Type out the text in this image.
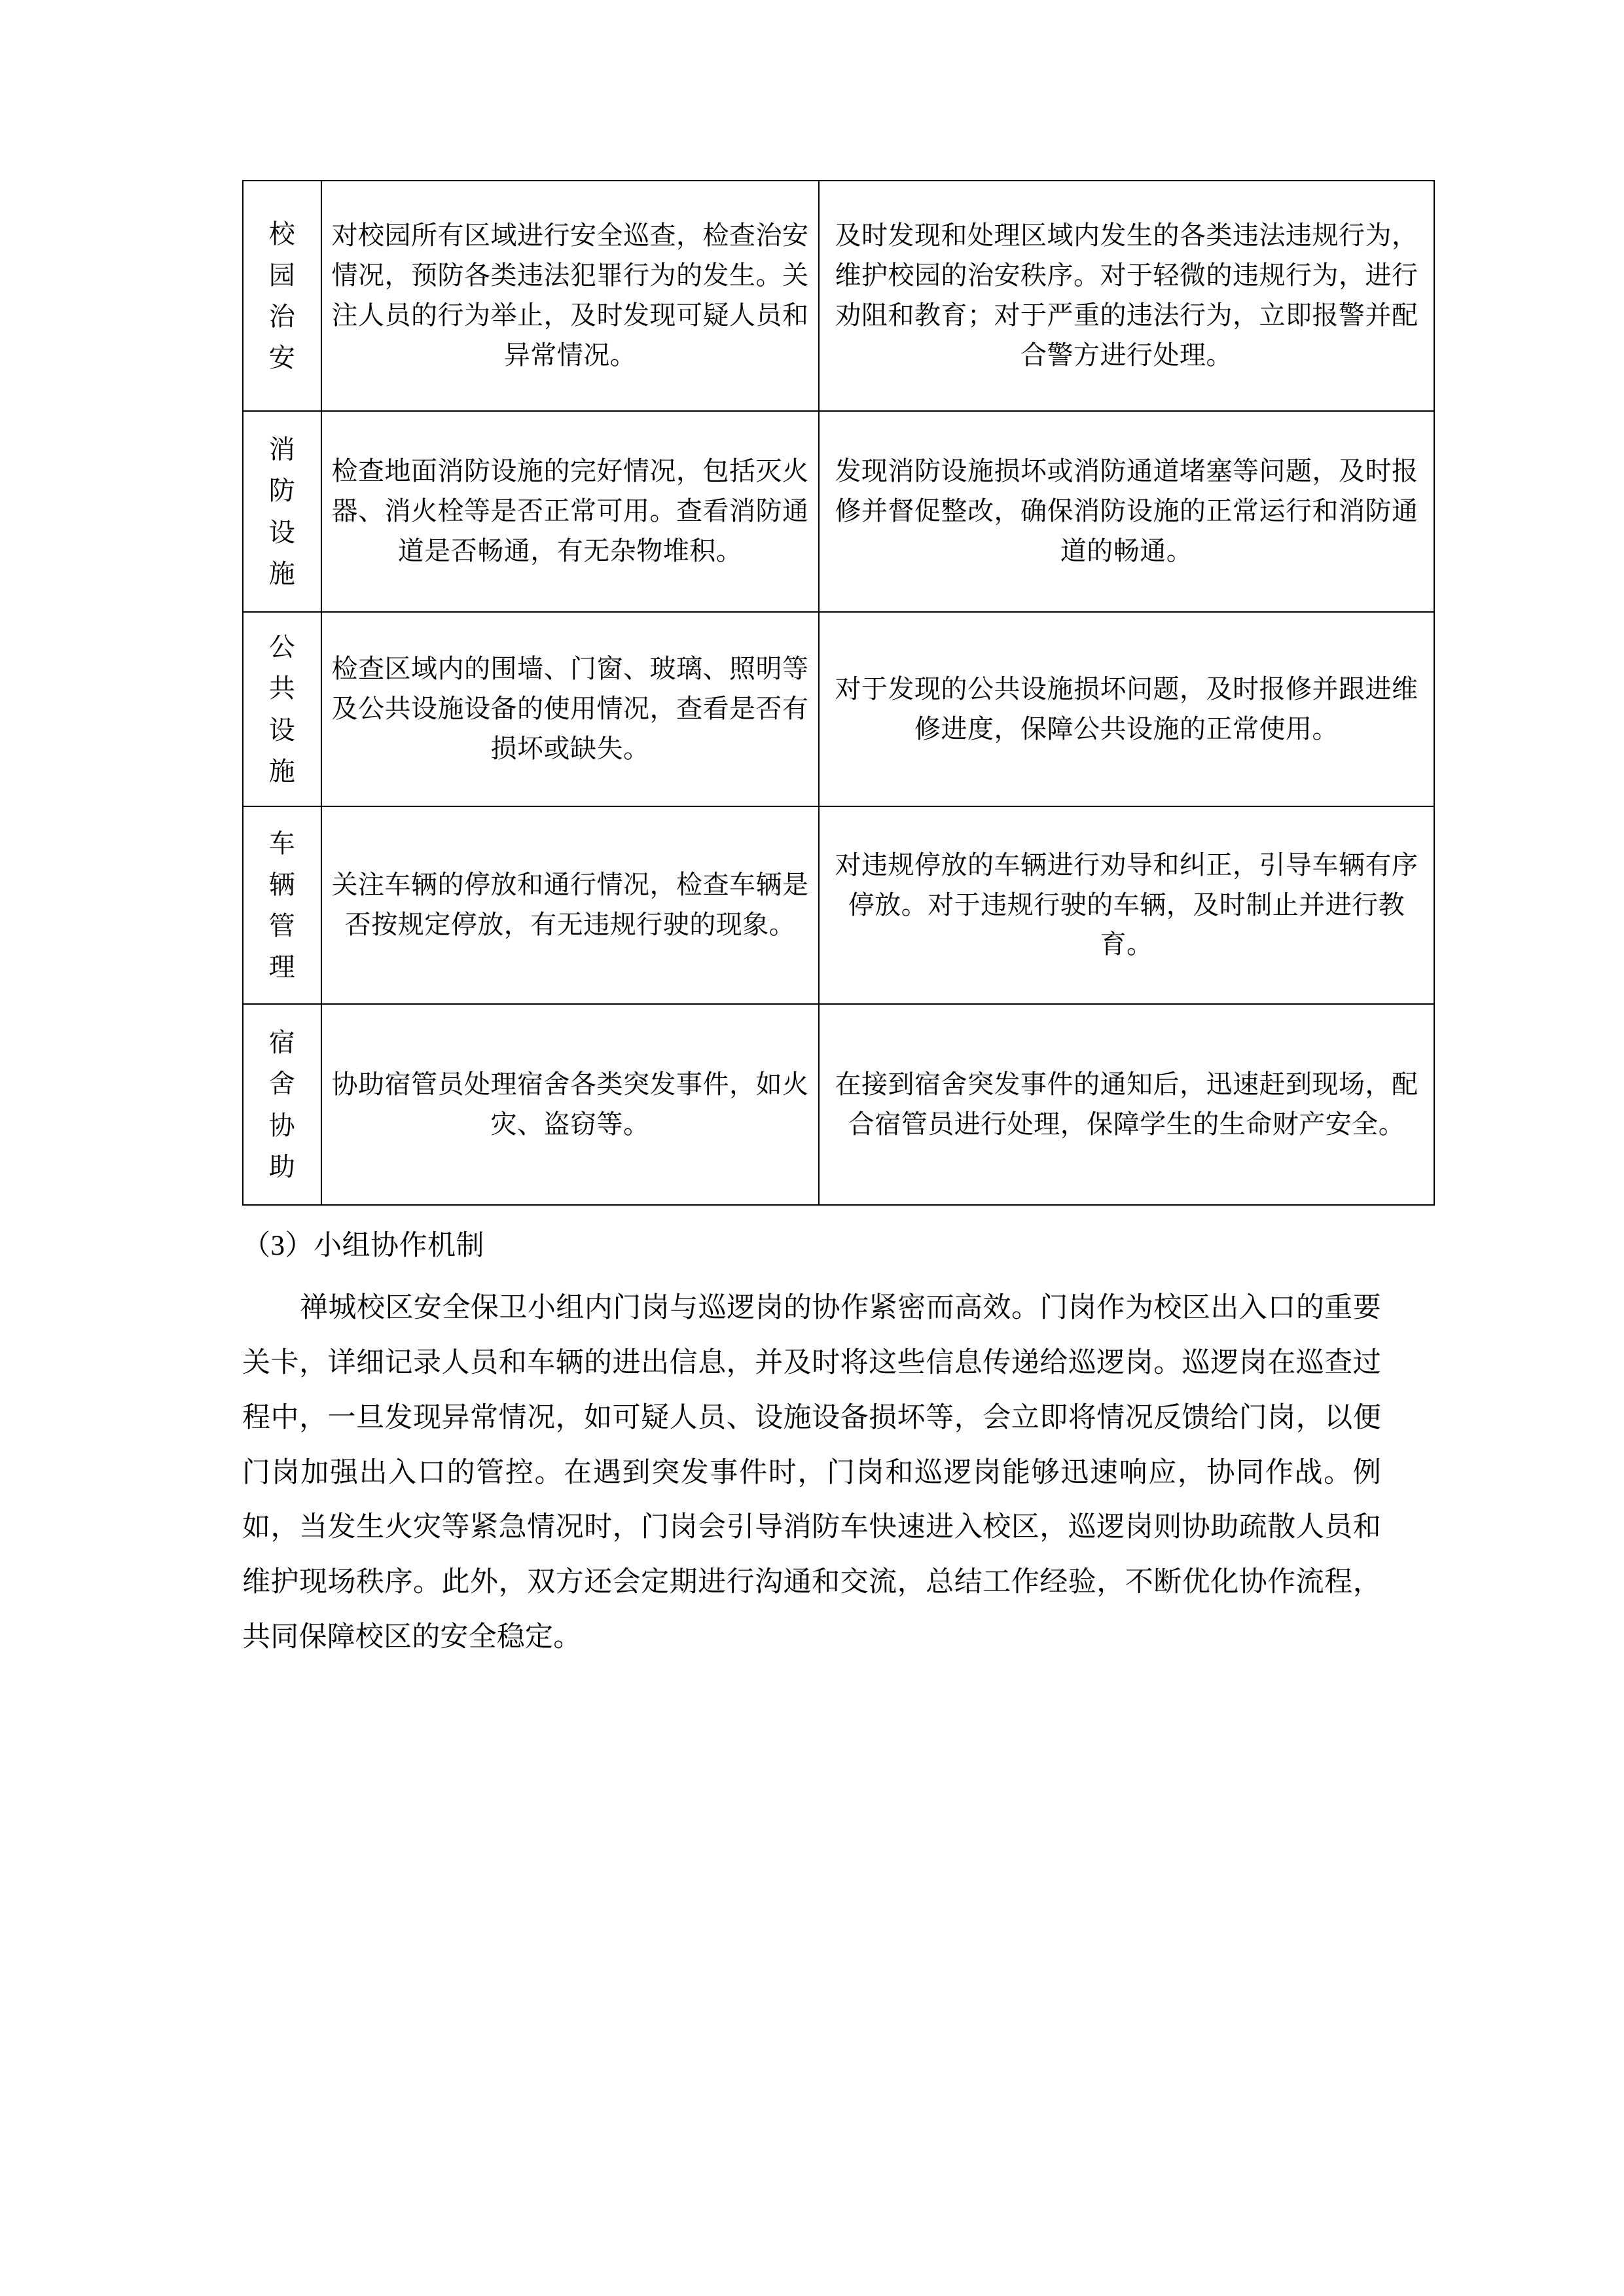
校园治安	对校园所有区域进行安全巡查，检查治安情况，预防各类违法犯罪行为的发生。关注人员的行为举止，及时发现可疑人员和异常情况。	及时发现和处理区域内发生的各类违法违规行为，维护校园的治安秩序。对于轻微的违规行为，进行劝阻和教育；对于严重的违法行为，立即报警并配合警方进行处理。

消防设施	检查地面消防设施的完好情况，包括灭火器、消火栓等是否正常可用。查看消防通道是否畅通，有无杂物堆积。	发现消防设施损坏或消防通道堵塞等问题，及时报修并督促整改，确保消防设施的正常运行和消防通道的畅通。

公共设施	检查区域内的围墙、门窗、玻璃、照明等及公共设施设备的使用情况，查看是否有损坏或缺失。	对于发现的公共设施损坏问题，及时报修并跟进维修进度，保障公共设施的正常使用。

车辆管理	关注车辆的停放和通行情况，检查车辆是否按规定停放，有无违规行驶的现象。	对违规停放的车辆进行劝导和纠正，引导车辆有序停放。对于违规行驶的车辆，及时制止并进行教育。

宿舍协助	协助宿管员处理宿舍各类突发事件，如火灾、盗窃等。	在接到宿舍突发事件的通知后，迅速赶到现场，配合宿管员进行处理，保障学生的生命财产安全。

（3）小组协作机制

禅城校区安全保卫小组内门岗与巡逻岗的协作紧密而高效。门岗作为校区出入口的重要关卡，详细记录人员和车辆的进出信息，并及时将这些信息传递给巡逻岗。巡逻岗在巡查过程中，一旦发现异常情况，如可疑人员、设施设备损坏等，会立即将情况反馈给门岗，以便门岗加强出入口的管控。在遇到突发事件时，门岗和巡逻岗能够迅速响应，协同作战。例如，当发生火灾等紧急情况时，门岗会引导消防车快速进入校区，巡逻岗则协助疏散人员和维护现场秩序。此外，双方还会定期进行沟通和交流，总结工作经验，不断优化协作流程，共同保障校区的安全稳定。
